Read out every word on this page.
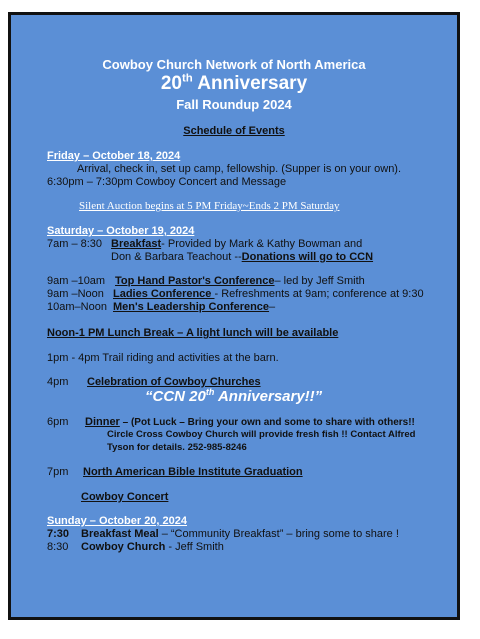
Cowboy Church Network of North America
20th Anniversary
Fall Roundup 2024
Schedule of Events
Friday – October 18, 2024
Arrival, check in, set up camp, fellowship. (Supper is on your own).
6:30pm – 7:30pm Cowboy Concert and Message
Silent Auction begins at 5 PM Friday~Ends 2 PM Saturday
Saturday – October 19, 2024
7am – 8:30 Breakfast- Provided by Mark & Kathy Bowman and
Don & Barbara Teachout --Donations will go to CCN
9am –10am Top Hand Pastor's Conference– led by Jeff Smith
9am –Noon Ladies Conference - Refreshments at 9am; conference at 9:30
10am–Noon Men's Leadership Conference–
Noon-1 PM Lunch Break – A light lunch will be available
1pm - 4pm Trail riding and activities at the barn.
4pm Celebration of Cowboy Churches
“CCN 20th Anniversary!!”
6pm Dinner – (Pot Luck – Bring your own and some to share with others!!
Circle Cross Cowboy Church will provide fresh fish !! Contact Alfred
Tyson for details. 252-985-8246
7pm North American Bible Institute Graduation
Cowboy Concert
Sunday – October 20, 2024
7:30 Breakfast Meal – “Community Breakfast” – bring some to share !
8:30 Cowboy Church - Jeff Smith
